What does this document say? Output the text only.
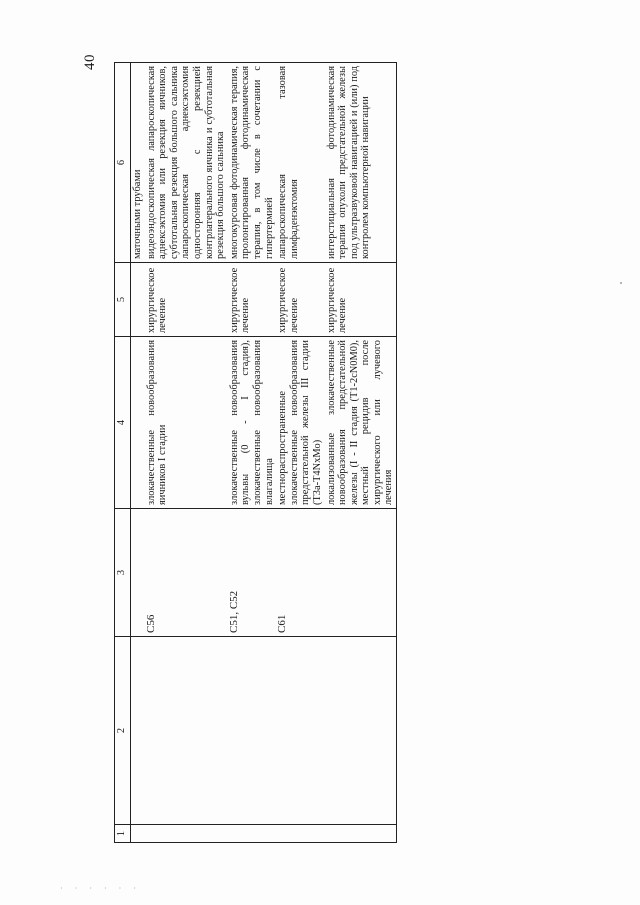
40
1	2	3	4	5	6
					маточными трубами
		C56	злокачественные новообразования яичников I стадии	хирургическое лечение	видеоэндоскопическая лапароскопическая аднексэктомия или резекция яичников, субтотальная резекция большого сальника лапароскопическая аднексэктомия односторонняя с резекцией контрлатерального яичника и субтотальная резекция большого сальника
		C51, C52	злокачественные новообразования вульвы (0 - I стадия), злокачественные новообразования влагалища	хирургическое лечение	многокурсовая фотодинамическая терапия, пролонгированная фотодинамическая терапия, в том числе в сочетании с гипертермией
		C61	местнораспространенные злокачественные новообразования предстательной железы III стадии (T3a-T4NxMo)	хирургическое лечение	лапароскопическая тазовая лимфаденэктомия
			локализованные злокачественные новообразования предстательной железы (I - II стадия (T1-2cN0M0), местный рецидив после хирургического или лучевого лечения	хирургическое лечение	интерстициальная фотодинамическая терапия опухоли предстательной железы под ультразвуковой навигацией и (или) под контролем компьютерной навигации
· · · · · ·
